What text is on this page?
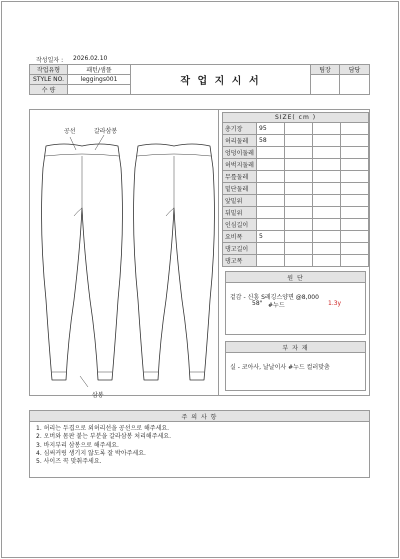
작성일자 : 2026.02.10
작업유형	패턴/샘플
STYLE NO.	leggings001
수 량
작 업 지 시 서
팀장	담당
공선	갈라삼봉
삼봉
SIZE( cm )
총기장	95
허리둘레	58
엉덩이둘레
허벅지둘레
무릎둘레
밑단둘레
앞밑위
뒤밑위
인심길이
요비폭	5
댕고길이
댕고폭
원 단
겉감 - 신흥 S레깅스양면 @8,000
58" #누드	1.3y
부 자 재
실 - 코아사, 날날이사 #누드 컬러맞춤
주 의 사 항
1. 허리는 두겹으로 외허리선을 공선으로 해주세요.
2. 오버와 몸판 붙는 부분을 갈라삼봉 처리해주세요.
3. 바지부리 삼봉으로 해주세요.
4. 심써커링 생기지 않도록 잘 박아주세요.
5. 사이즈 꼭 맞춰주세요.
